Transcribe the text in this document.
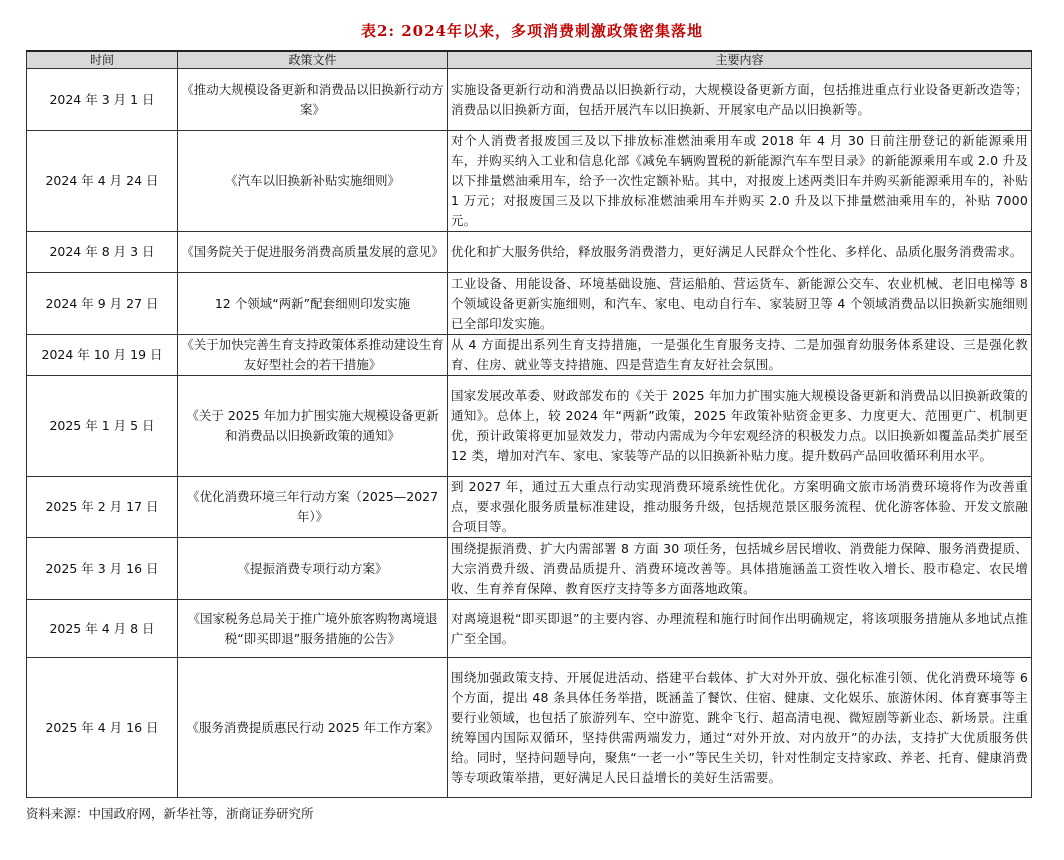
表2: 2024年以来，多项消费刺激政策密集落地
时间	政策文件	主要内容
2024 年 3 月 1 日	《推动大规模设备更新和消费品以旧换新行动方案》	实施设备更新行动和消费品以旧换新行动，大规模设备更新方面，包括推进重点行业设备更新改造等；消费品以旧换新方面，包括开展汽车以旧换新、开展家电产品以旧换新等。
2024 年 4 月 24 日	《汽车以旧换新补贴实施细则》	对个人消费者报废国三及以下排放标准燃油乘用车或 2018 年 4 月 30 日前注册登记的新能源乘用车，并购买纳入工业和信息化部《减免车辆购置税的新能源汽车车型目录》的新能源乘用车或 2.0 升及以下排量燃油乘用车，给予一次性定额补贴。其中，对报废上述两类旧车并购买新能源乘用车的，补贴 1 万元；对报废国三及以下排放标准燃油乘用车并购买 2.0 升及以下排量燃油乘用车的，补贴 7000 元。
2024 年 8 月 3 日	《国务院关于促进服务消费高质量发展的意见》	优化和扩大服务供给，释放服务消费潜力，更好满足人民群众个性化、多样化、品质化服务消费需求。
2024 年 9 月 27 日	12 个领域“两新”配套细则印发实施	工业设备、用能设备、环境基础设施、营运船舶、营运货车、新能源公交车、农业机械、老旧电梯等 8 个领域设备更新实施细则，和汽车、家电、电动自行车、家装厨卫等 4 个领域消费品以旧换新实施细则已全部印发实施。
2024 年 10 月 19 日	《关于加快完善生育支持政策体系推动建设生育友好型社会的若干措施》	从 4 方面提出系列生育支持措施，一是强化生育服务支持、二是加强育幼服务体系建设、三是强化教育、住房、就业等支持措施、四是营造生育友好社会氛围。
2025 年 1 月 5 日	《关于 2025 年加力扩围实施大规模设备更新和消费品以旧换新政策的通知》	国家发展改革委、财政部发布的《关于 2025 年加力扩围实施大规模设备更新和消费品以旧换新政策的通知》。总体上，较 2024 年“两新”政策，2025 年政策补贴资金更多、力度更大、范围更广、机制更优，预计政策将更加显效发力，带动内需成为今年宏观经济的积极发力点。以旧换新如覆盖品类扩展至 12 类，增加对汽车、家电、家装等产品的以旧换新补贴力度。提升数码产品回收循环利用水平。
2025 年 2 月 17 日	《优化消费环境三年行动方案（2025—2027 年）》	到 2027 年，通过五大重点行动实现消费环境系统性优化。方案明确文旅市场消费环境将作为改善重点，要求强化服务质量标准建设，推动服务升级，包括规范景区服务流程、优化游客体验、开发文旅融合项目等。
2025 年 3 月 16 日	《提振消费专项行动方案》	围绕提振消费、扩大内需部署 8 方面 30 项任务，包括城乡居民增收、消费能力保障、服务消费提质、大宗消费升级、消费品质提升、消费环境改善等。具体措施涵盖工资性收入增长、股市稳定、农民增收、生育养育保障、教育医疗支持等多方面落地政策。
2025 年 4 月 8 日	《国家税务总局关于推广境外旅客购物离境退税“即买即退”服务措施的公告》	对离境退税“即买即退”的主要内容、办理流程和施行时间作出明确规定，将该项服务措施从多地试点推广至全国。
2025 年 4 月 16 日	《服务消费提质惠民行动 2025 年工作方案》	围绕加强政策支持、开展促进活动、搭建平台载体、扩大对外开放、强化标准引领、优化消费环境等 6 个方面，提出 48 条具体任务举措，既涵盖了餐饮、住宿、健康、文化娱乐、旅游休闲、体育赛事等主要行业领域，也包括了旅游列车、空中游览、跳伞飞行、超高清电视、微短剧等新业态、新场景。注重统筹国内国际双循环，坚持供需两端发力，通过“对外开放、对内放开”的办法，支持扩大优质服务供给。同时，坚持问题导向，聚焦“一老一小”等民生关切，针对性制定支持家政、养老、托育、健康消费等专项政策举措，更好满足人民日益增长的美好生活需要。
资料来源：中国政府网，新华社等，浙商证券研究所
